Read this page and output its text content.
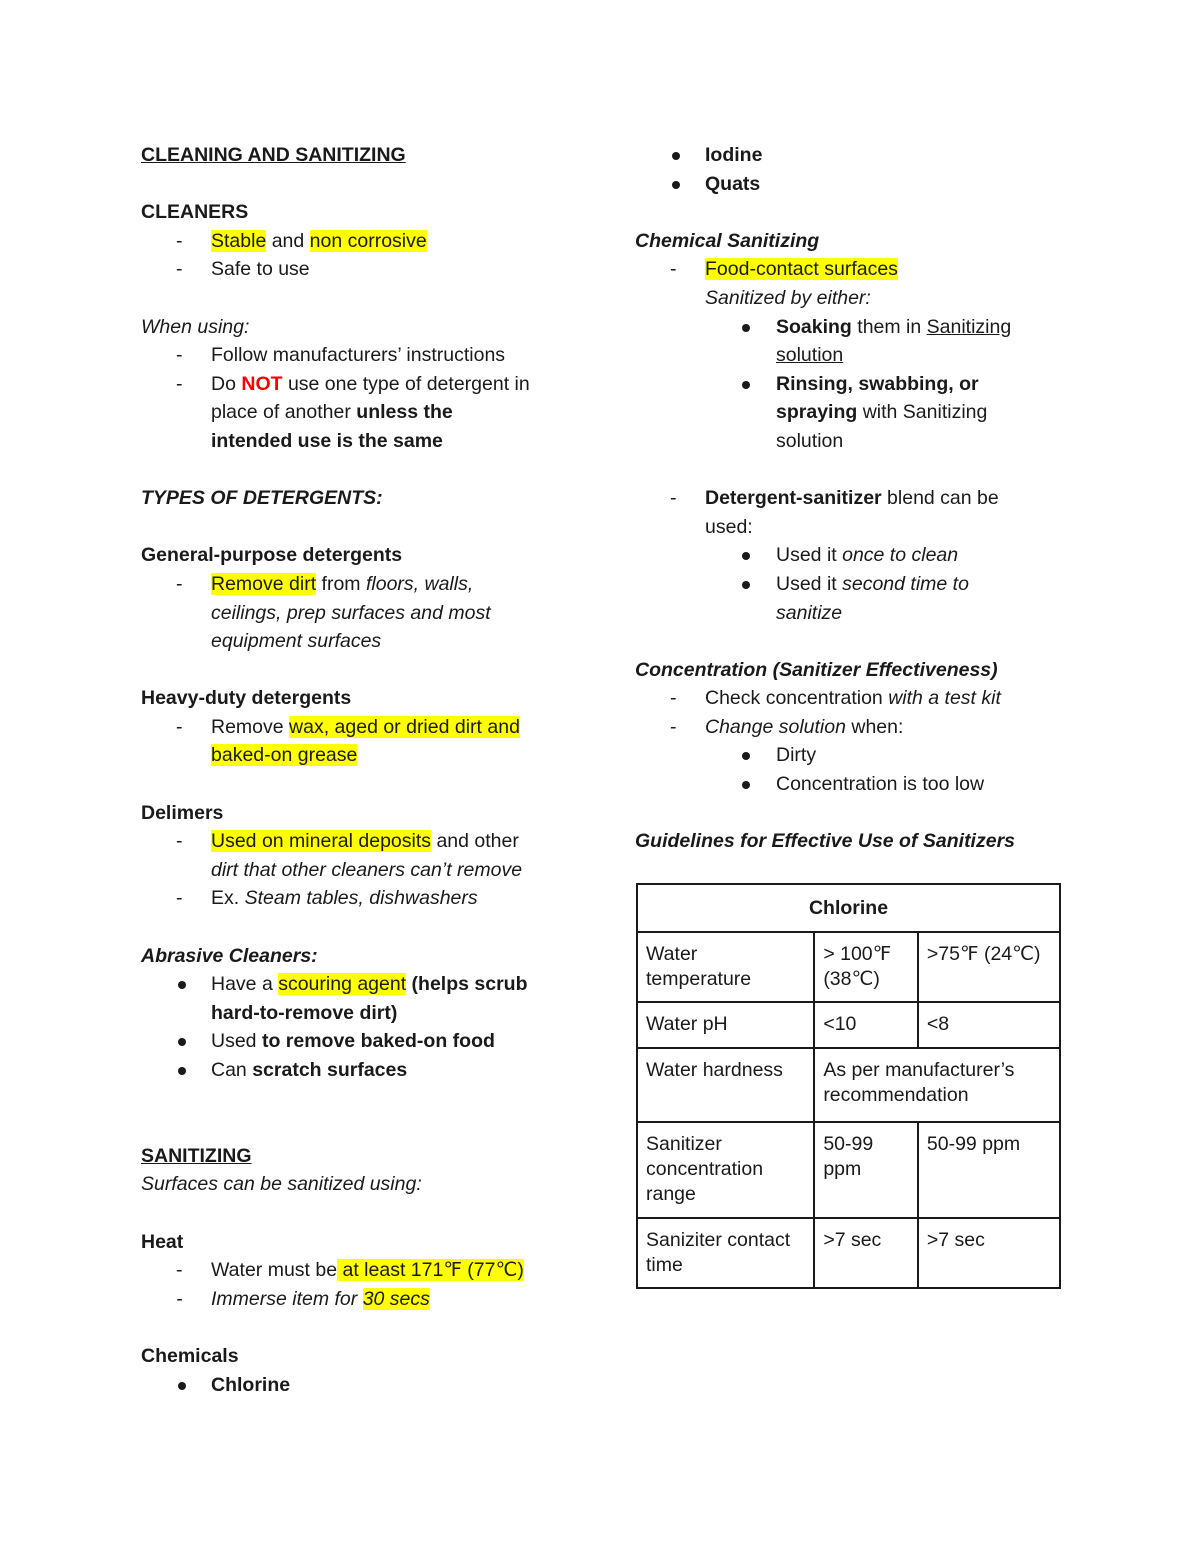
CLEANING AND SANITIZING

CLEANERS

- Stable and non corrosive
- Safe to use

When using:

- Follow manufacturers’ instructions
- Do NOT use one type of detergent in
place of another unless the
intended use is the same

TYPES OF DETERGENTS:

General-purpose detergents

- Remove dirt from floors, walls,
ceilings, prep surfaces and most
equipment surfaces

Heavy-duty detergents

- Remove wax, aged or dried dirt and
baked-on grease

Delimers

- Used on mineral deposits and other
dirt that other cleaners can’t remove
- Ex. Steam tables, dishwashers

Abrasive Cleaners:

Have a scouring agent (helps scrub
hard-to-remove dirt)
Used to remove baked-on food
Can scratch surfaces

SANITIZING

Surfaces can be sanitized using:

Heat

- Water must be at least 171℉ (77℃)
- Immerse item for 30 secs

Chemicals

Chlorine
Iodine
Quats

Chemical Sanitizing

- Food-contact surfaces
Sanitized by either:
Soaking them in Sanitizing
solution
Rinsing, swabbing, or
spraying with Sanitizing
solution
- Detergent-sanitizer blend can be
used:
Used it once to clean
Used it second time to
sanitize

Concentration (Sanitizer Effectiveness)

- Check concentration with a test kit
- Change solution when:
Dirty
Concentration is too low

Guidelines for Effective Use of Sanitizers

Chlorine		
Water temperature	> 100℉ (38℃)	>75℉ (24℃)
Water pH	<10	<8
Water hardness	As per manufacturer’s recommendation	
Sanitizer concentration range	50-99 ppm	50-99 ppm
Saniziter contact time	>7 sec	>7 sec
